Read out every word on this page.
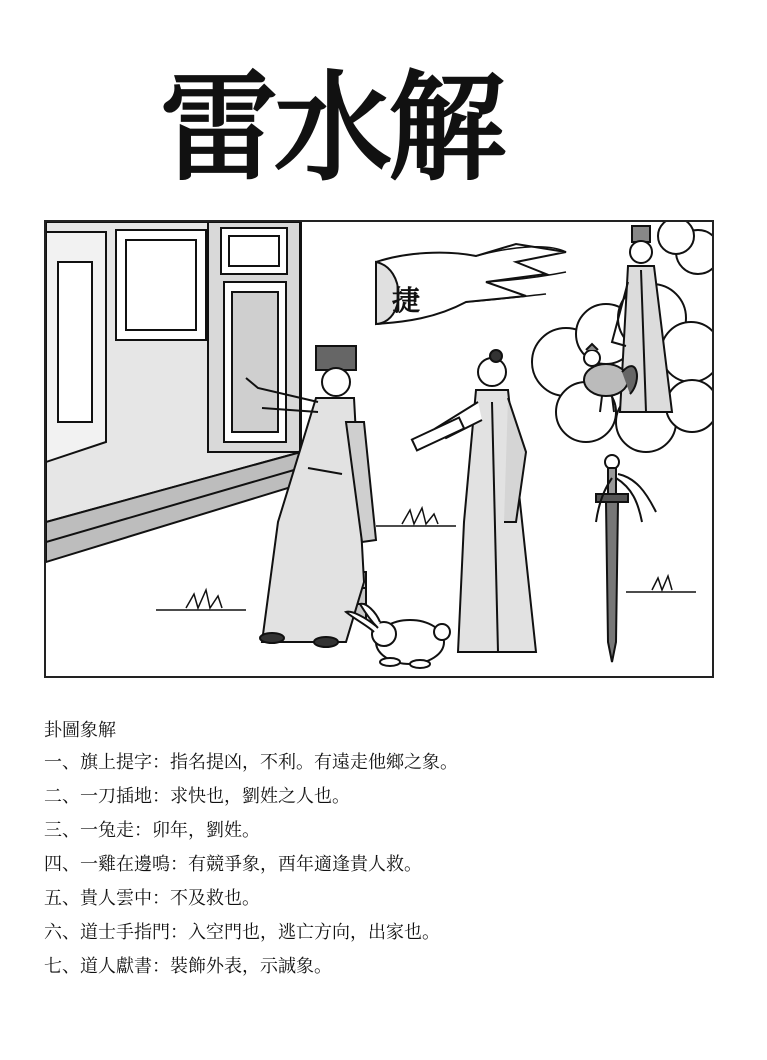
雷水解
捷
卦圖象解
一、旗上提字：指名提凶，不利。有遠走他鄉之象。
二、一刀插地：求快也，劉姓之人也。
三、一兔走：卯年，劉姓。
四、一雞在邊鳴：有競爭象，酉年適逢貴人救。
五、貴人雲中：不及救也。
六、道士手指門：入空門也，逃亡方向，出家也。
七、道人獻書：裝飾外表，示誠象。
